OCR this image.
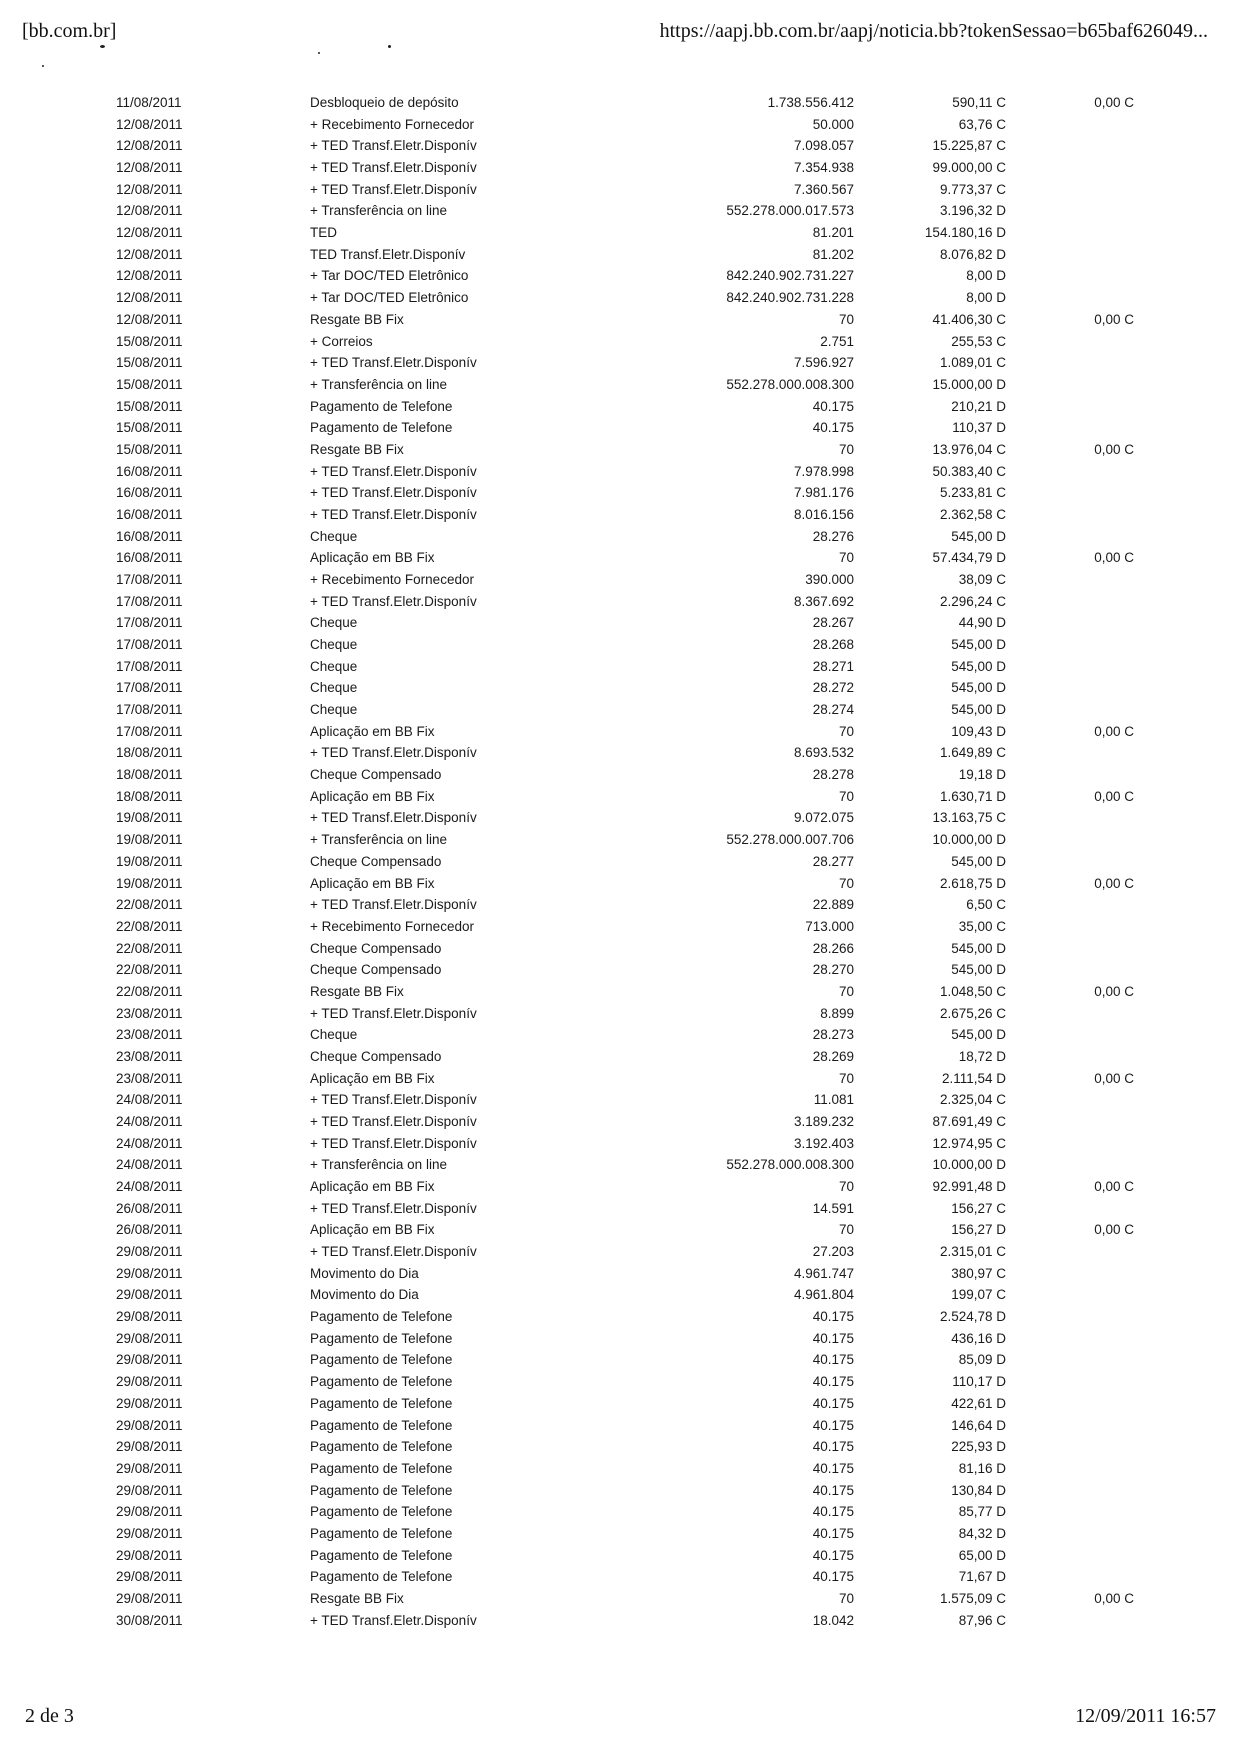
[bb.com.br]	https://aapj.bb.com.br/aapj/noticia.bb?tokenSessao=b65baf626049...
11/08/2011	Desbloqueio de depósito	1.738.556.412	590,11 C	0,00 C
12/08/2011	+ Recebimento Fornecedor	50.000	63,76 C
12/08/2011	+ TED Transf.Eletr.Disponív	7.098.057	15.225,87 C
12/08/2011	+ TED Transf.Eletr.Disponív	7.354.938	99.000,00 C
12/08/2011	+ TED Transf.Eletr.Disponív	7.360.567	9.773,37 C
12/08/2011	+ Transferência on line	552.278.000.017.573	3.196,32 D
12/08/2011	TED	81.201	154.180,16 D
12/08/2011	TED Transf.Eletr.Disponív	81.202	8.076,82 D
12/08/2011	+ Tar DOC/TED Eletrônico	842.240.902.731.227	8,00 D
12/08/2011	+ Tar DOC/TED Eletrônico	842.240.902.731.228	8,00 D
12/08/2011	Resgate BB Fix	70	41.406,30 C	0,00 C
15/08/2011	+ Correios	2.751	255,53 C
15/08/2011	+ TED Transf.Eletr.Disponív	7.596.927	1.089,01 C
15/08/2011	+ Transferência on line	552.278.000.008.300	15.000,00 D
15/08/2011	Pagamento de Telefone	40.175	210,21 D
15/08/2011	Pagamento de Telefone	40.175	110,37 D
15/08/2011	Resgate BB Fix	70	13.976,04 C	0,00 C
16/08/2011	+ TED Transf.Eletr.Disponív	7.978.998	50.383,40 C
16/08/2011	+ TED Transf.Eletr.Disponív	7.981.176	5.233,81 C
16/08/2011	+ TED Transf.Eletr.Disponív	8.016.156	2.362,58 C
16/08/2011	Cheque	28.276	545,00 D
16/08/2011	Aplicação em BB Fix	70	57.434,79 D	0,00 C
17/08/2011	+ Recebimento Fornecedor	390.000	38,09 C
17/08/2011	+ TED Transf.Eletr.Disponív	8.367.692	2.296,24 C
17/08/2011	Cheque	28.267	44,90 D
17/08/2011	Cheque	28.268	545,00 D
17/08/2011	Cheque	28.271	545,00 D
17/08/2011	Cheque	28.272	545,00 D
17/08/2011	Cheque	28.274	545,00 D
17/08/2011	Aplicação em BB Fix	70	109,43 D	0,00 C
18/08/2011	+ TED Transf.Eletr.Disponív	8.693.532	1.649,89 C
18/08/2011	Cheque Compensado	28.278	19,18 D
18/08/2011	Aplicação em BB Fix	70	1.630,71 D	0,00 C
19/08/2011	+ TED Transf.Eletr.Disponív	9.072.075	13.163,75 C
19/08/2011	+ Transferência on line	552.278.000.007.706	10.000,00 D
19/08/2011	Cheque Compensado	28.277	545,00 D
19/08/2011	Aplicação em BB Fix	70	2.618,75 D	0,00 C
22/08/2011	+ TED Transf.Eletr.Disponív	22.889	6,50 C
22/08/2011	+ Recebimento Fornecedor	713.000	35,00 C
22/08/2011	Cheque Compensado	28.266	545,00 D
22/08/2011	Cheque Compensado	28.270	545,00 D
22/08/2011	Resgate BB Fix	70	1.048,50 C	0,00 C
23/08/2011	+ TED Transf.Eletr.Disponív	8.899	2.675,26 C
23/08/2011	Cheque	28.273	545,00 D
23/08/2011	Cheque Compensado	28.269	18,72 D
23/08/2011	Aplicação em BB Fix	70	2.111,54 D	0,00 C
24/08/2011	+ TED Transf.Eletr.Disponív	11.081	2.325,04 C
24/08/2011	+ TED Transf.Eletr.Disponív	3.189.232	87.691,49 C
24/08/2011	+ TED Transf.Eletr.Disponív	3.192.403	12.974,95 C
24/08/2011	+ Transferência on line	552.278.000.008.300	10.000,00 D
24/08/2011	Aplicação em BB Fix	70	92.991,48 D	0,00 C
26/08/2011	+ TED Transf.Eletr.Disponív	14.591	156,27 C
26/08/2011	Aplicação em BB Fix	70	156,27 D	0,00 C
29/08/2011	+ TED Transf.Eletr.Disponív	27.203	2.315,01 C
29/08/2011	Movimento do Dia	4.961.747	380,97 C
29/08/2011	Movimento do Dia	4.961.804	199,07 C
29/08/2011	Pagamento de Telefone	40.175	2.524,78 D
29/08/2011	Pagamento de Telefone	40.175	436,16 D
29/08/2011	Pagamento de Telefone	40.175	85,09 D
29/08/2011	Pagamento de Telefone	40.175	110,17 D
29/08/2011	Pagamento de Telefone	40.175	422,61 D
29/08/2011	Pagamento de Telefone	40.175	146,64 D
29/08/2011	Pagamento de Telefone	40.175	225,93 D
29/08/2011	Pagamento de Telefone	40.175	81,16 D
29/08/2011	Pagamento de Telefone	40.175	130,84 D
29/08/2011	Pagamento de Telefone	40.175	85,77 D
29/08/2011	Pagamento de Telefone	40.175	84,32 D
29/08/2011	Pagamento de Telefone	40.175	65,00 D
29/08/2011	Pagamento de Telefone	40.175	71,67 D
29/08/2011	Resgate BB Fix	70	1.575,09 C	0,00 C
30/08/2011	+ TED Transf.Eletr.Disponív	18.042	87,96 C
2 de 3	12/09/2011 16:57
